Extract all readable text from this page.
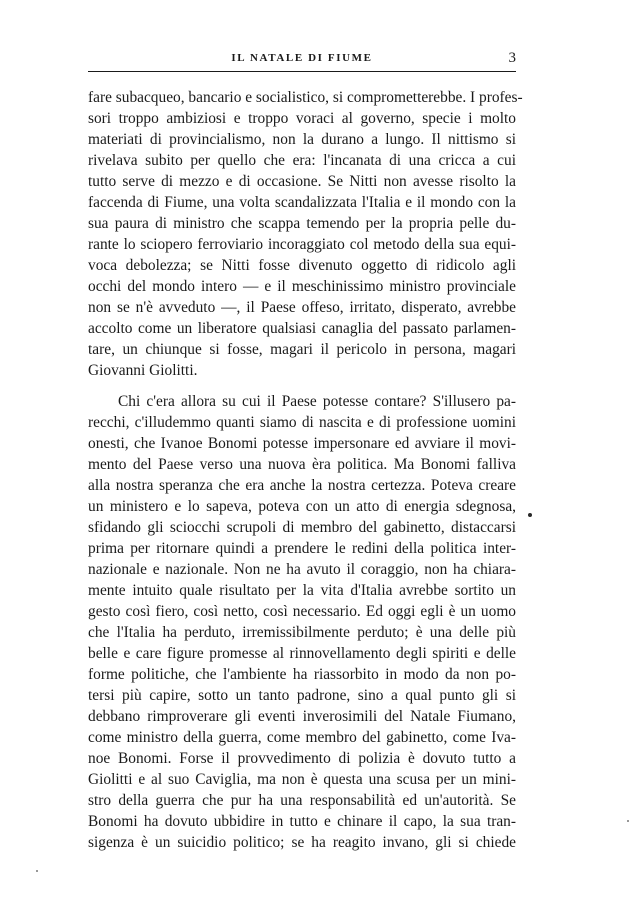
IL NATALE DI FIUME	3
fare subacqueo, bancario e socialistico, si comprometterebbe. I profes-
sori troppo ambiziosi e troppo voraci al governo, specie i molto
materiati di provincialismo, non la durano a lungo. Il nittismo si
rivelava subito per quello che era: l'incanata di una cricca a cui
tutto serve di mezzo e di occasione. Se Nitti non avesse risolto la
faccenda di Fiume, una volta scandalizzata l'Italia e il mondo con la
sua paura di ministro che scappa temendo per la propria pelle du-
rante lo sciopero ferroviario incoraggiato col metodo della sua equi-
voca debolezza; se Nitti fosse divenuto oggetto di ridicolo agli
occhi del mondo intero — e il meschinissimo ministro provinciale
non se n'è avveduto —, il Paese offeso, irritato, disperato, avrebbe
accolto come un liberatore qualsiasi canaglia del passato parlamen-
tare, un chiunque si fosse, magari il pericolo in persona, magari
Giovanni Giolitti.
Chi c'era allora su cui il Paese potesse contare? S'illusero pa-
recchi, c'illudemmo quanti siamo di nascita e di professione uomini
onesti, che Ivanoe Bonomi potesse impersonare ed avviare il movi-
mento del Paese verso una nuova èra politica. Ma Bonomi falliva
alla nostra speranza che era anche la nostra certezza. Poteva creare
un ministero e lo sapeva, poteva con un atto di energia sdegnosa,
sfidando gli sciocchi scrupoli di membro del gabinetto, distaccarsi
prima per ritornare quindi a prendere le redini della politica inter-
nazionale e nazionale. Non ne ha avuto il coraggio, non ha chiara-
mente intuito quale risultato per la vita d'Italia avrebbe sortito un
gesto così fiero, così netto, così necessario. Ed oggi egli è un uomo
che l'Italia ha perduto, irremissibilmente perduto; è una delle più
belle e care figure promesse al rinnovellamento degli spiriti e delle
forme politiche, che l'ambiente ha riassorbito in modo da non po-
tersi più capire, sotto un tanto padrone, sino a qual punto gli si
debbano rimproverare gli eventi inverosimili del Natale Fiumano,
come ministro della guerra, come membro del gabinetto, come Iva-
noe Bonomi. Forse il provvedimento di polizia è dovuto tutto a
Giolitti e al suo Caviglia, ma non è questa una scusa per un mini-
stro della guerra che pur ha una responsabilità ed un'autorità. Se
Bonomi ha dovuto ubbidire in tutto e chinare il capo, la sua tran-
sigenza è un suicidio politico; se ha reagito invano, gli si chiede
